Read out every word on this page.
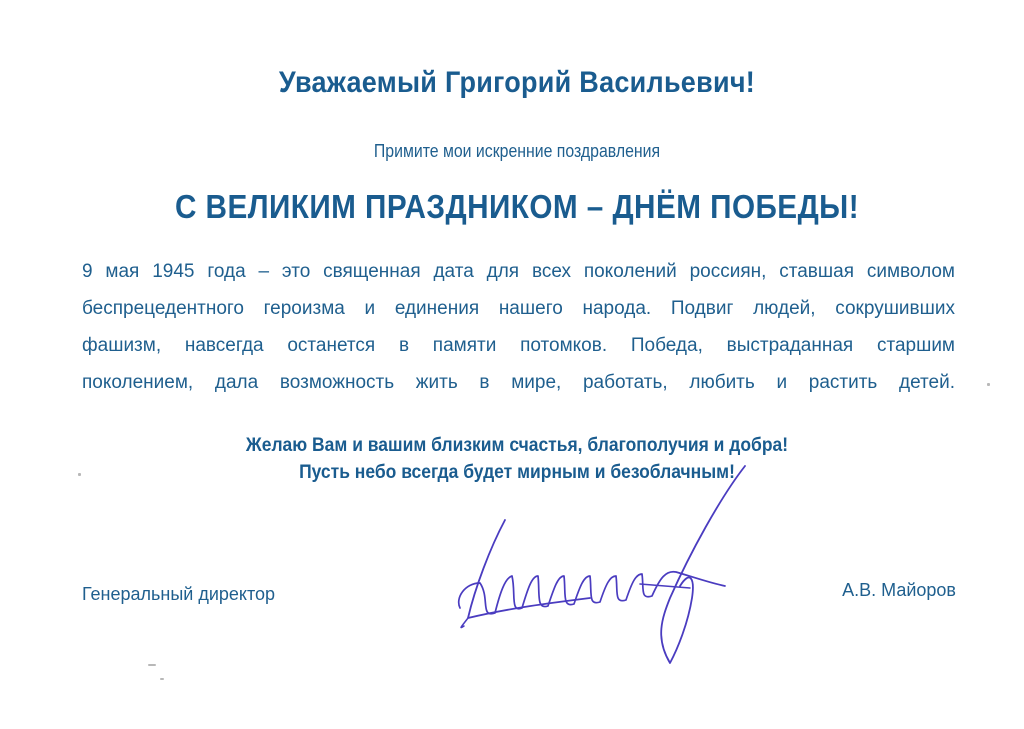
Уважаемый Григорий Васильевич!
Примите мои искренние поздравления
С ВЕЛИКИМ ПРАЗДНИКОМ – ДНЁМ ПОБЕДЫ!
9 мая 1945 года – это священная дата для всех поколений россиян, ставшая символом
беспрецедентного героизма и единения нашего народа. Подвиг людей, сокрушивших
фашизм, навсегда останется в памяти потомков. Победа, выстраданная старшим
поколением, дала возможность жить в мире, работать, любить и растить детей.
Желаю Вам и вашим близким счастья, благополучия и добра!
Пусть небо всегда будет мирным и безоблачным!
Генеральный директор	А.В. Майоров
